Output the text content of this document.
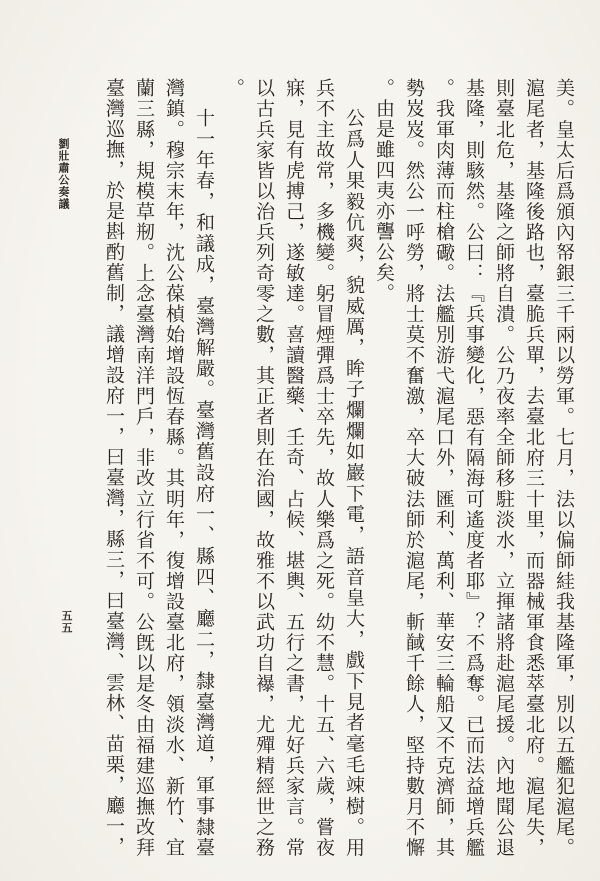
美。皇太后爲頒內帑銀三千兩以勞軍。七月，法以偏師絓我基隆軍，別以五艦犯滬尾。滬尾者，基隆後路也，臺脆兵單，去臺北府三十里，而器械軍食悉萃臺北府。滬尾失，則臺北危，基隆之師將自潰。公乃夜率全師移駐淡水，立揮諸將赴滬尾援。內地聞公退基隆，則駭然。公曰：『兵事變化，惡有隔海可遙度者耶』？不爲奪。已而法益增兵艦。我軍肉薄而柱槍礮。法艦別游弋滬尾口外，匯利、萬利、華安三輪船又不克濟師，其勢岌岌。然公一呼勞，將士莫不奮激，卒大破法師於滬尾，斬馘千餘人，堅持數月不懈。由是雖四夷亦讋公矣。

公爲人果毅伉爽，貌威厲，眸子爛爛如巖下電，語音皇大，戲下見者毫毛竦樹。用兵不主故常，多機變。躬冒煙彈爲士卒先，故人樂爲之死。幼不慧。十五、六歲，嘗夜寐，見有虎搏己，遂敏達。喜讀醫藥、壬奇、占候、堪輿、五行之書，尤好兵家言。常以古兵家皆以治兵列奇零之數，其正者則在治國，故雅不以武功自襮，尤殫精經世之務。

十一年春，和議成，臺灣解嚴。臺灣舊設府一、縣四、廳二，隸臺灣道，軍事隸臺灣鎮。穆宗末年，沈公葆楨始增設恆春縣。其明年，復增設臺北府，領淡水、新竹、宜蘭三縣，規模草剏。上念臺灣南洋門戶，非改立行省不可。公旣以是冬由福建巡撫改拜臺灣巡撫，於是斟酌舊制，議增設府一，曰臺灣，縣三，曰臺灣、雲林、苗栗，廳一，

劉壯肅公奏議
五五
